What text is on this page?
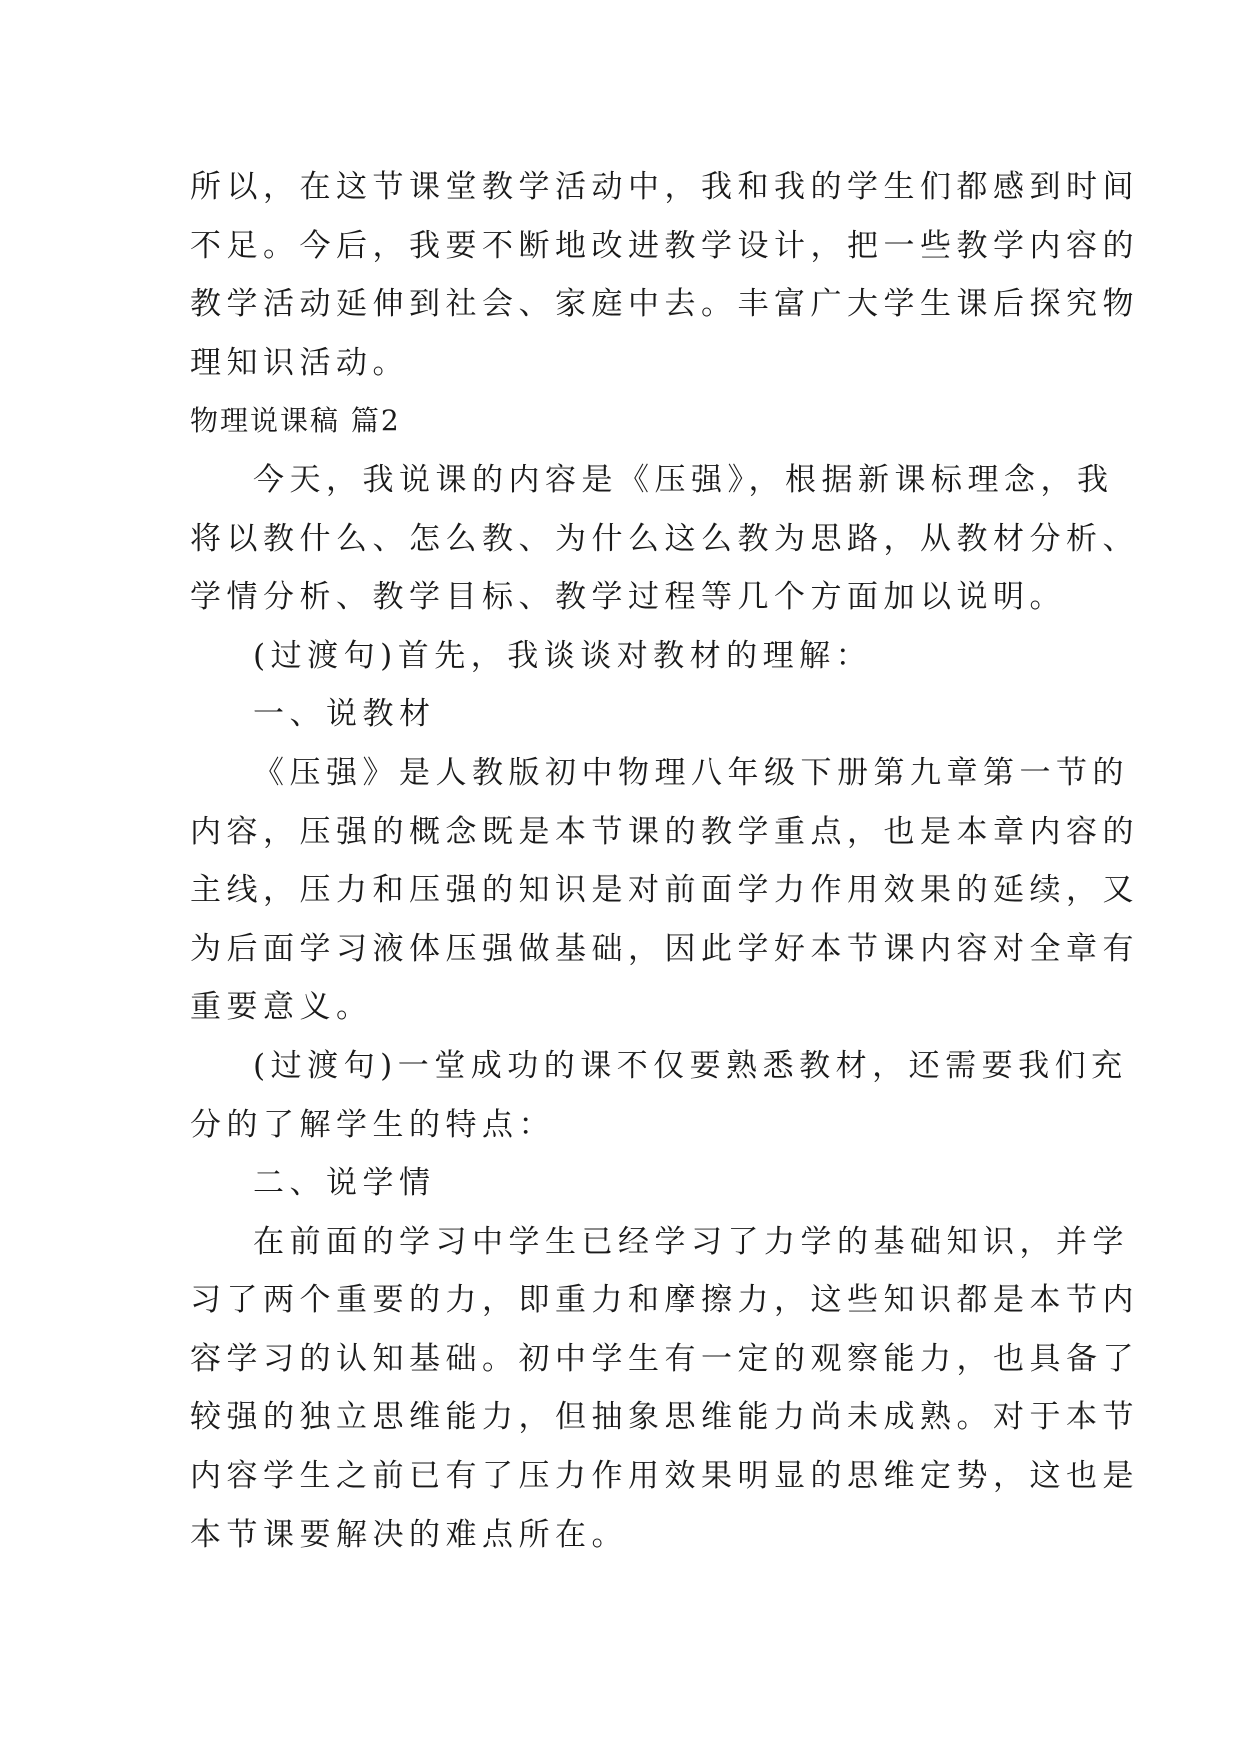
所以，在这节课堂教学活动中，我和我的学生们都感到时间
不足。今后，我要不断地改进教学设计，把一些教学内容的
教学活动延伸到社会、家庭中去。丰富广大学生课后探究物
理知识活动。
物理说课稿 篇2
今天，我说课的内容是《压强》，根据新课标理念，我
将以教什么、怎么教、为什么这么教为思路，从教材分析、
学情分析、教学目标、教学过程等几个方面加以说明。
(过渡句)首先，我谈谈对教材的理解：
一、说教材
《压强》是人教版初中物理八年级下册第九章第一节的
内容，压强的概念既是本节课的教学重点，也是本章内容的
主线，压力和压强的知识是对前面学力作用效果的延续，又
为后面学习液体压强做基础，因此学好本节课内容对全章有
重要意义。
(过渡句)一堂成功的课不仅要熟悉教材，还需要我们充
分的了解学生的特点：
二、说学情
在前面的学习中学生已经学习了力学的基础知识，并学
习了两个重要的力，即重力和摩擦力，这些知识都是本节内
容学习的认知基础。初中学生有一定的观察能力，也具备了
较强的独立思维能力，但抽象思维能力尚未成熟。对于本节
内容学生之前已有了压力作用效果明显的思维定势，这也是
本节课要解决的难点所在。
